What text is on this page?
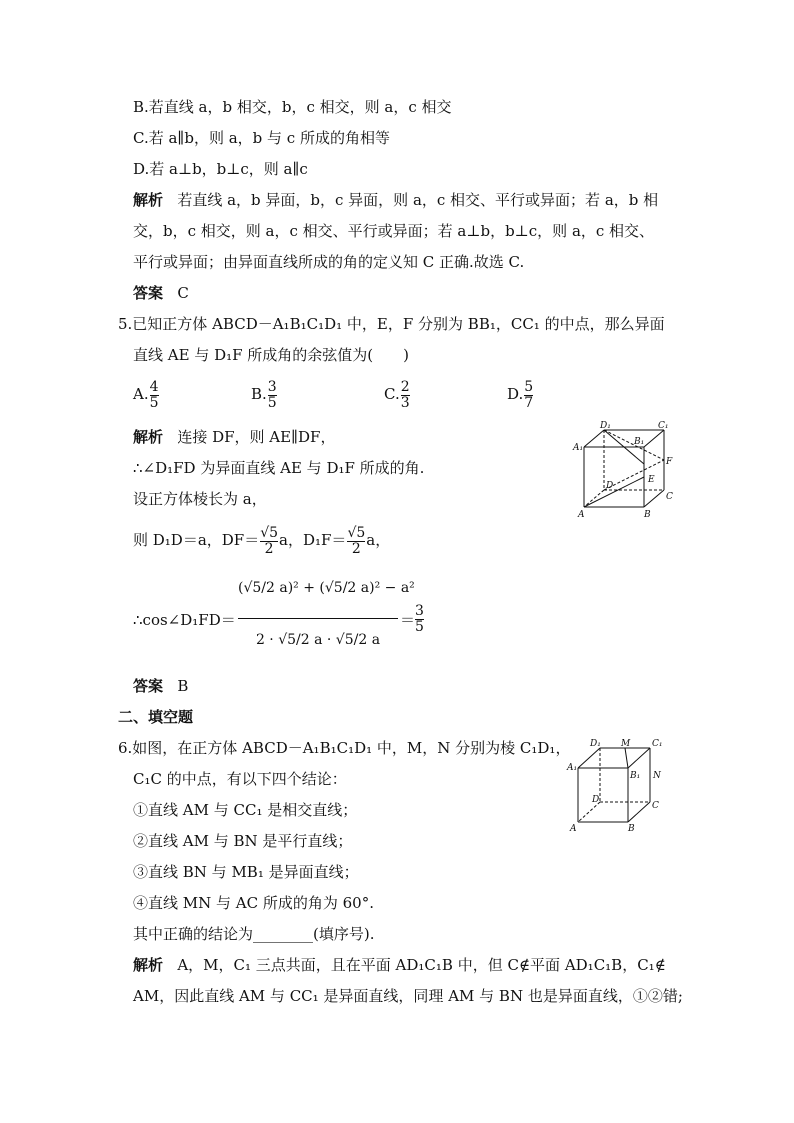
B.若直线 a，b 相交，b，c 相交，则 a，c 相交
C.若 a∥b，则 a，b 与 c 所成的角相等
D.若 a⊥b，b⊥c，则 a∥c
解析 若直线 a，b 异面，b，c 异面，则 a，c 相交、平行或异面；若 a，b 相
交，b，c 相交，则 a，c 相交、平行或异面；若 a⊥b，b⊥c，则 a，c 相交、
平行或异面；由异面直线所成的角的定义知 C 正确.故选 C.
答案 C
5.已知正方体 ABCD－A₁B₁C₁D₁ 中，E，F 分别为 BB₁，CC₁ 的中点，那么异面
直线 AE 与 D₁F 所成角的余弦值为(　　)
A. $\frac{4}{5}$	B. $\frac{3}{5}$	C. $\frac{2}{3}$	D. $\frac{5}{7}$
解析 连接 DF，则 AE∥DF，
∴∠D₁FD 为异面直线 AE 与 D₁F 所成的角.
设正方体棱长为 a，
则 D₁D＝a，$DF= \frac{√5}{2}$ a，$D_1F= \frac{√5}{2}$ a，
∴cos∠D₁FD＝
(√5/2 a)² + (√5/2 a)² − a²
2 · √5/2 a · √5/2 a
＝ $\frac{3}{5}$
答案 B
二、填空题
6.如图，在正方体 ABCD－A₁B₁C₁D₁ 中，M，N 分别为棱 C₁D₁，
C₁C 的中点，有以下四个结论：
①直线 AM 与 CC₁ 是相交直线；
②直线 AM 与 BN 是平行直线；
③直线 BN 与 MB₁ 是异面直线；
④直线 MN 与 AC 所成的角为 60°.
其中正确的结论为________(填序号).
解析 A，M，C₁ 三点共面，且在平面 AD₁C₁B 中，但 C∉平面 AD₁C₁B，C₁∉
AM，因此直线 AM 与 CC₁ 是异面直线，同理 AM 与 BN 也是异面直线，①②错;
D₁	C₁
A₁
B₁
F
E
D
C
A	B
D₁ M C₁
A₁
B₁ N
D
C
A	B
